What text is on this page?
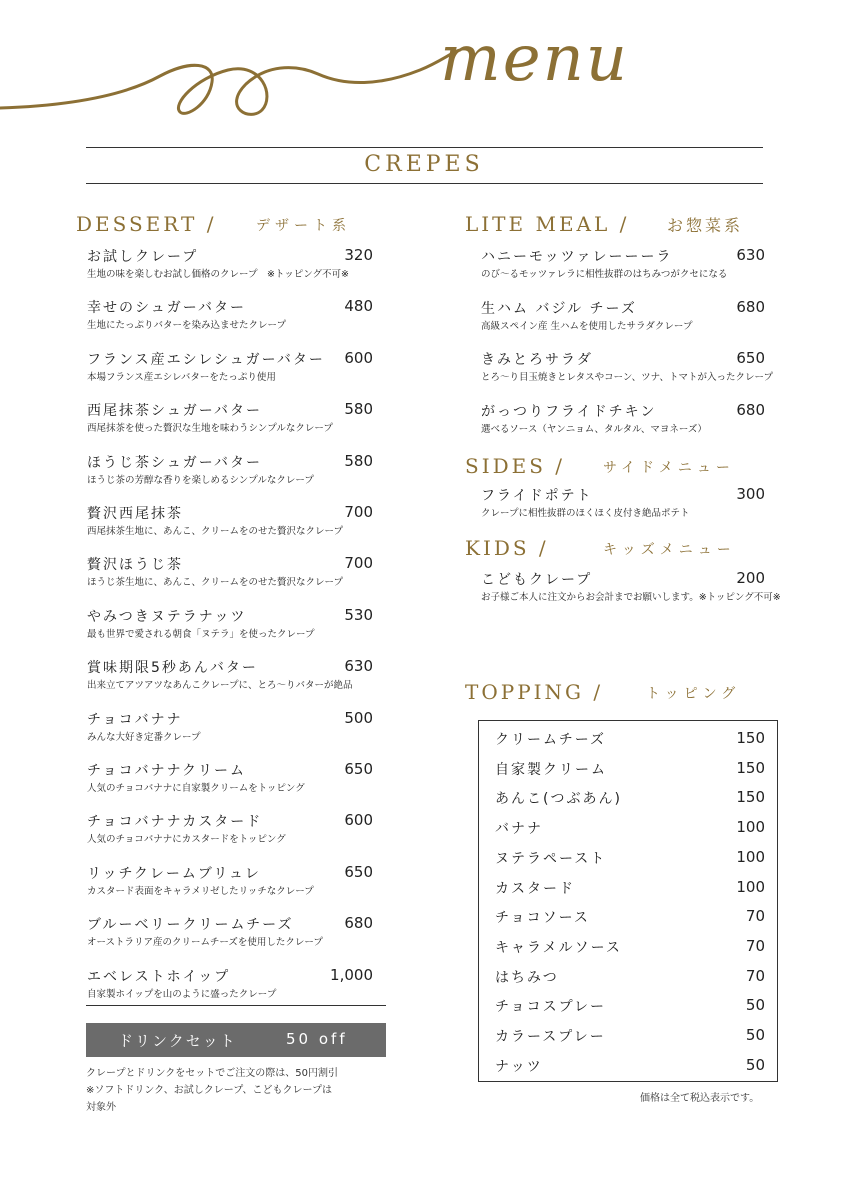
menu
CREPES
DESSERT /	デザート系
お試しクレープ	320
生地の味を楽しむお試し価格のクレープ　※トッピング不可※
幸せのシュガーバター	480
生地にたっぷりバターを染み込ませたクレープ
フランス産エシレシュガーバター	600
本場フランス産エシレバターをたっぷり使用
西尾抹茶シュガーバター	580
西尾抹茶を使った贅沢な生地を味わうシンプルなクレープ
ほうじ茶シュガーバター	580
ほうじ茶の芳醇な香りを楽しめるシンプルなクレープ
贅沢西尾抹茶	700
西尾抹茶生地に、あんこ、クリームをのせた贅沢なクレープ
贅沢ほうじ茶	700
ほうじ茶生地に、あんこ、クリームをのせた贅沢なクレープ
やみつきヌテラナッツ	530
最も世界で愛される朝食「ヌテラ」を使ったクレープ
賞味期限5秒あんバター	630
出来立てアツアツなあんこクレープに、とろ〜りバターが絶品
チョコバナナ	500
みんな大好き定番クレープ
チョコバナナクリーム	650
人気のチョコバナナに自家製クリームをトッピング
チョコバナナカスタード	600
人気のチョコバナナにカスタードをトッピング
リッチクレームブリュレ	650
カスタード表面をキャラメリゼしたリッチなクレープ
ブルーベリークリームチーズ	680
オーストラリア産のクリームチーズを使用したクレープ
エベレストホイップ	1,000
自家製ホイップを山のように盛ったクレープ
ドリンクセット	50 off
クレープとドリンクをセットでご注文の際は、50円割引
※ソフトドリンク、お試しクレープ、こどもクレープは
対象外
LITE MEAL / お惣菜系
ハニーモッツァレーーーラ	630
のび〜るモッツァレラに相性抜群のはちみつがクセになる
生ハム バジル チーズ	680
高級スペイン産 生ハムを使用したサラダクレープ
きみとろサラダ	650
とろ〜り目玉焼きとレタスやコーン、ツナ、トマトが入ったクレープ
がっつりフライドチキン	680
選べるソース（ヤンニョム、タルタル、マヨネーズ）
SIDES /	サイドメニュー
フライドポテト	300
クレープに相性抜群のほくほく皮付き絶品ポテト
KIDS /	キッズメニュー
こどもクレープ	200
お子様ご本人に注文からお会計までお願いします。※トッピング不可※
TOPPING /	トッピング
クリームチーズ	150
自家製クリーム	150
あんこ(つぶあん)	150
バナナ	100
ヌテラペースト	100
カスタード	100
チョコソース	70
キャラメルソース	70
はちみつ	70
チョコスプレー	50
カラースプレー	50
ナッツ	50
価格は全て税込表示です。
